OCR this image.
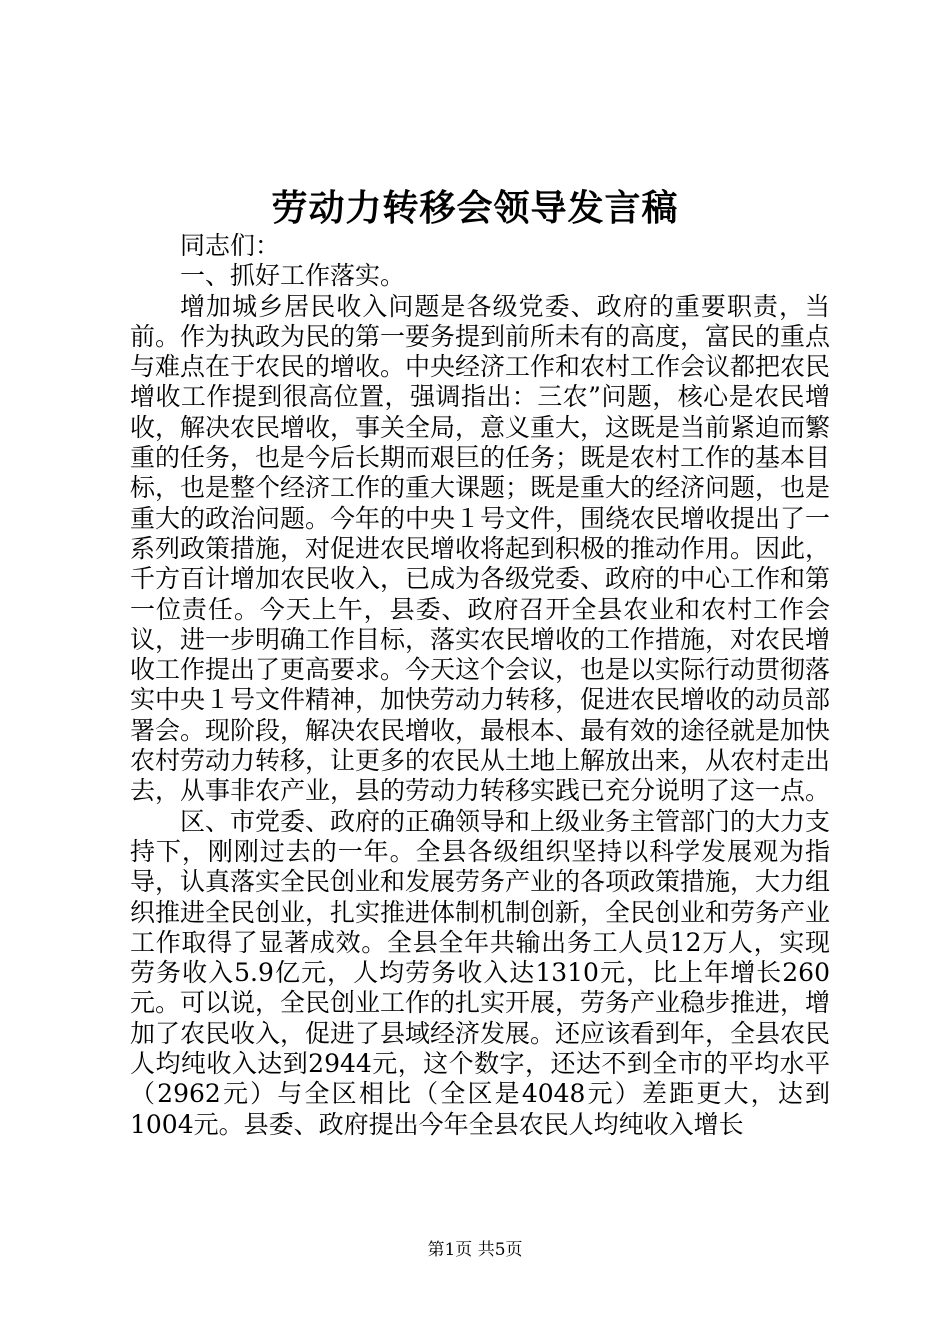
劳动力转移会领导发言稿

同志们：

一、抓好工作落实。

增加城乡居民收入问题是各级党委、政府的重要职责，当前。作为执政为民的第一要务提到前所未有的高度，富民的重点与难点在于农民的增收。中央经济工作和农村工作会议都把农民增收工作提到很高位置，强调指出：三农”问题，核心是农民增收，解决农民增收，事关全局，意义重大，这既是当前紧迫而繁重的任务，也是今后长期而艰巨的任务；既是农村工作的基本目标，也是整个经济工作的重大课题；既是重大的经济问题，也是重大的政治问题。今年的中央１号文件，围绕农民增收提出了一系列政策措施，对促进农民增收将起到积极的推动作用。因此，千方百计增加农民收入，已成为各级党委、政府的中心工作和第一位责任。今天上午，县委、政府召开全县农业和农村工作会议，进一步明确工作目标，落实农民增收的工作措施，对农民增收工作提出了更高要求。今天这个会议，也是以实际行动贯彻落实中央１号文件精神，加快劳动力转移，促进农民增收的动员部署会。现阶段，解决农民增收，最根本、最有效的途径就是加快农村劳动力转移，让更多的农民从土地上解放出来，从农村走出去，从事非农产业，县的劳动力转移实践已充分说明了这一点。

区、市党委、政府的正确领导和上级业务主管部门的大力支持下，刚刚过去的一年。全县各级组织坚持以科学发展观为指导，认真落实全民创业和发展劳务产业的各项政策措施，大力组织推进全民创业，扎实推进体制机制创新，全民创业和劳务产业工作取得了显著成效。全县全年共输出务工人员12万人，实现劳务收入5.9亿元，人均劳务收入达1310元，比上年增长260元。可以说，全民创业工作的扎实开展，劳务产业稳步推进，增加了农民收入，促进了县域经济发展。还应该看到年，全县农民人均纯收入达到2944元，这个数字，还达不到全市的平均水平（2962元）与全区相比（全区是4048元）差距更大，达到1004元。县委、政府提出今年全县农民人均纯收入增长

第1页 共5页
